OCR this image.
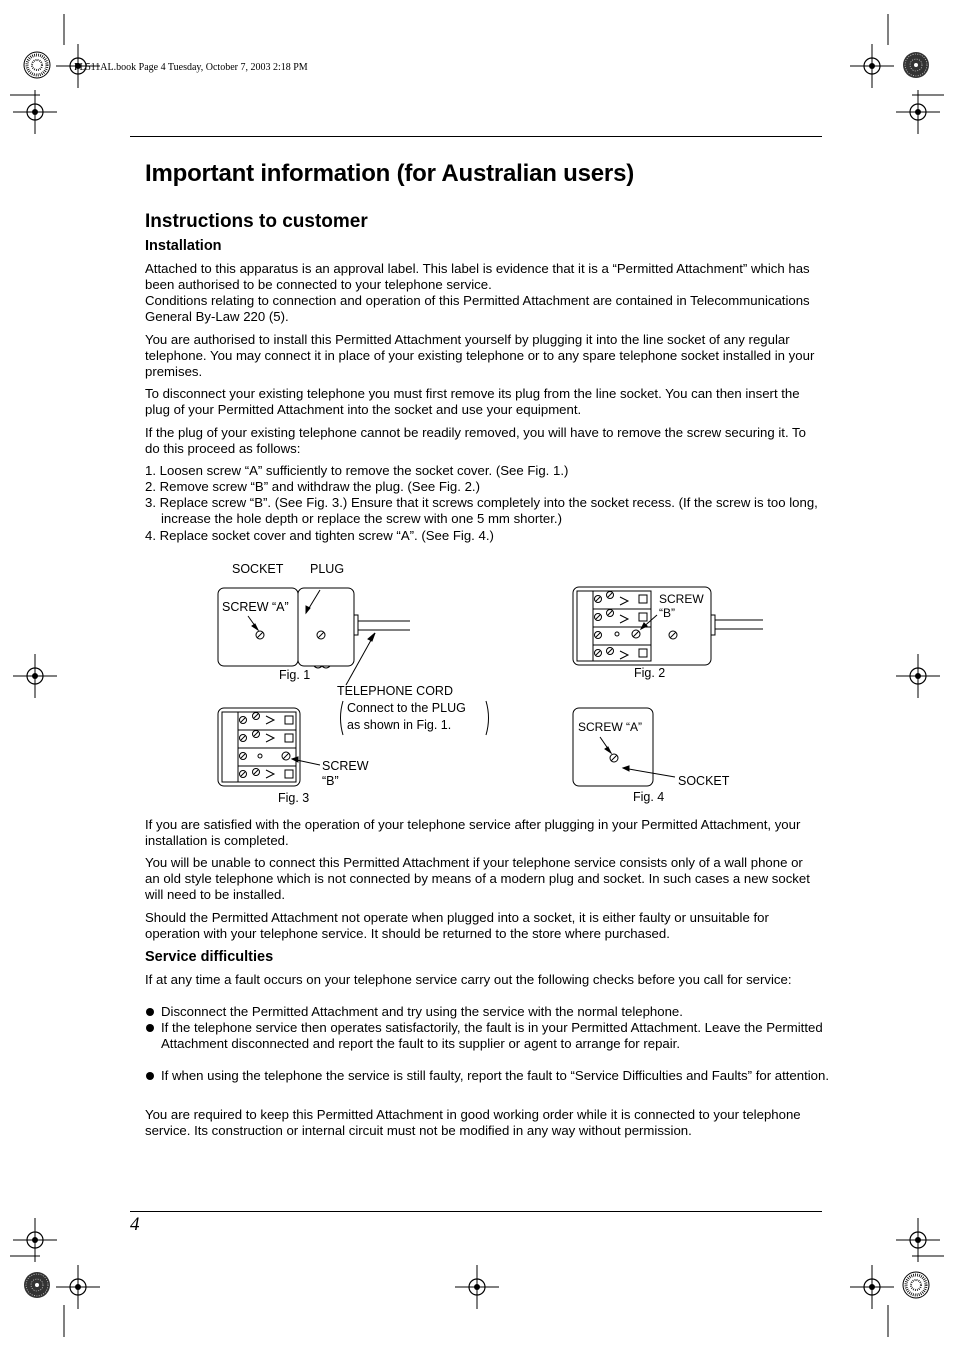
FL511AL.book Page 4 Tuesday, October 7, 2003 2:18 PM
Important information (for Australian users)
Instructions to customer
Installation

Attached to this apparatus is an approval label. This label is evidence that it is a “Permitted Attachment” which has been authorised to be connected to your telephone service.

Conditions relating to connection and operation of this Permitted Attachment are contained in Telecommunications General By-Law 220 (5).

You are authorised to install this Permitted Attachment yourself by plugging it into the line socket of any regular telephone. You may connect it in place of your existing telephone or to any spare telephone socket installed in your premises.

To disconnect your existing telephone you must first remove its plug from the line socket. You can then insert the plug of your Permitted Attachment into the socket and use your equipment.

If the plug of your existing telephone cannot be readily removed, you will have to remove the screw securing it. To do this proceed as follows:

1. Loosen screw “A” sufficiently to remove the socket cover. (See Fig. 1.)

2. Remove screw “B” and withdraw the plug. (See Fig. 2.)

3. Replace screw “B”. (See Fig. 3.) Ensure that it screws completely into the socket recess. (If the screw is too long, increase the hole depth or replace the screw with one 5 mm shorter.)

4. Replace socket cover and tighten screw “A”. (See Fig. 4.)

SOCKET PLUG
SCREW “A”
Fig. 1
TELEPHONE CORD
Connect to the PLUG
as shown in Fig. 1.
SCREW
“B”
Fig. 2
SCREW
“B”
Fig. 3
SCREW “A”
SOCKET
Fig. 4

If you are satisfied with the operation of your telephone service after plugging in your Permitted Attachment, your installation is completed.

You will be unable to connect this Permitted Attachment if your telephone service consists only of a wall phone or an old style telephone which is not connected by means of a modern plug and socket. In such cases a new socket will need to be installed.

Should the Permitted Attachment not operate when plugged into a socket, it is either faulty or unsuitable for operation with your telephone service. It should be returned to the store where purchased.

Service difficulties

If at any time a fault occurs on your telephone service carry out the following checks before you call for service:

Disconnect the Permitted Attachment and try using the service with the normal telephone.
If the telephone service then operates satisfactorily, the fault is in your Permitted Attachment. Leave the Permitted Attachment disconnected and report the fault to its supplier or agent to arrange for repair.
If when using the telephone the service is still faulty, report the fault to “Service Difficulties and Faults” for attention.

You are required to keep this Permitted Attachment in good working order while it is connected to your telephone service. Its construction or internal circuit must not be modified in any way without permission.

4
